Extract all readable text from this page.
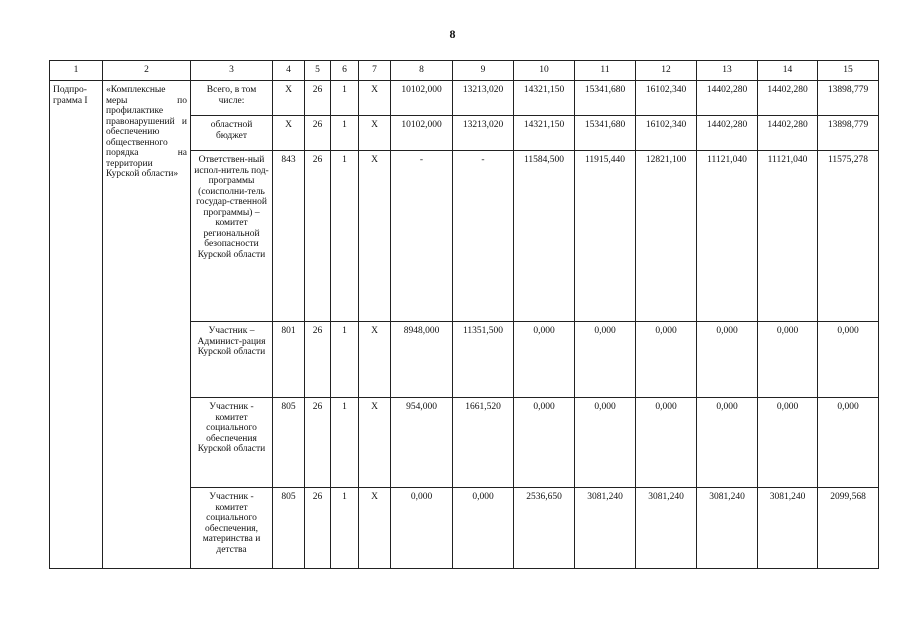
8
1	2	3	4	5	6	7	8	9	10	11	12	13	14	15
Подпро-грамма I	«Комплексные меры по профилактике правонарушений и обеспечению общественного порядка на территории Курской области»	Всего, в том числе:	Х	26	1	Х	10102,000	13213,020	14321,150	15341,680	16102,340	14402,280	14402,280	13898,779
		областной бюджет	Х	26	1	Х	10102,000	13213,020	14321,150	15341,680	16102,340	14402,280	14402,280	13898,779
		Ответствен-ный испол-нитель под-программы (соисполни-тель государ-ственной программы) – комитет региональной безопасности Курской области	843	26	1	Х	-	-	11584,500	11915,440	12821,100	11121,040	11121,040	11575,278
		Участник – Админист-рация Курской области	801	26	1	Х	8948,000	11351,500	0,000	0,000	0,000	0,000	0,000	0,000
		Участник - комитет социального обеспечения Курской области	805	26	1	Х	954,000	1661,520	0,000	0,000	0,000	0,000	0,000	0,000
		Участник - комитет социального обеспечения, материнства и детства	805	26	1	Х	0,000	0,000	2536,650	3081,240	3081,240	3081,240	3081,240	2099,568
